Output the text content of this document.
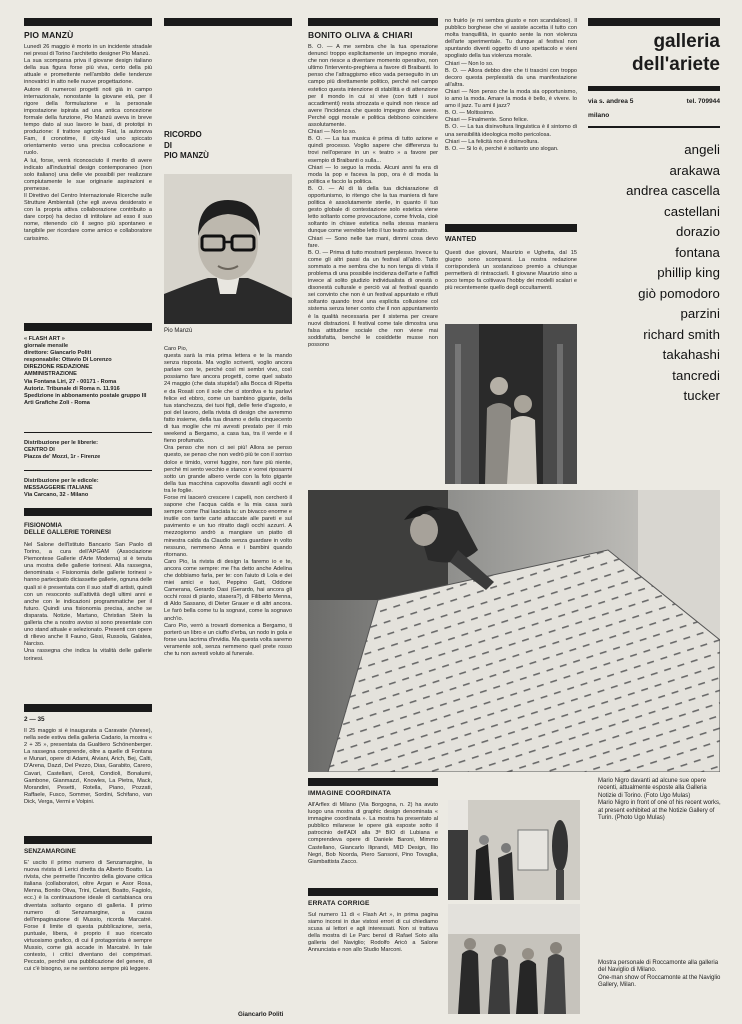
PIO MANZÙ
Lunedì 26 maggio è morto in un incidente stradale nei pressi di Torino l'architetto designer Pio Manzù.
La sua scomparsa priva il giovane design italiano della sua figura forse più viva, certo della più attuale e promettente nell'ambito delle tendenze innovatrici in atto nelle nuove progettazione.
Autore di numerosi progetti noti già in campo internazionale, nonostante la giovane età, per il rigore della formulazione e la personale impostazione ispirata ad una antica concezione formale della funzione, Pio Manzù aveva in breve tempo dato al suo lavoro le basi, di prototipi in produzione: il trattore agricolo Fiat, la autonova Fam, il cronotime, il city-taxi uno spiccato orientamento verso una precisa collocazione e ruolo.
A lui, forse, verrà riconosciuto il merito di avere indicato all'industrial design contemporaneo (non solo italiano) una delle vie possibili per realizzare compiutamente le sue originarie aspirazioni e premesse.
Il Direttivo del Centro Internazionale Ricerche sulle Strutture Ambientali (che egli aveva desiderato e con la propria attiva collaborazione contribuito a dare corpo) ha deciso di intitolare ad esso il suo nome, ritenendo ciò il segno più spontaneo e tangibile per ricordare come amico e collaboratore carissimo.
« FLASH ART »
giornale mensile
direttore: Giancarlo Politi
responsabile: Ottavio Di Lorenzo
DIREZIONE REDAZIONE
AMMINISTRAZIONE
Via Fontana Liri, 27 - 00171 - Roma
Autoriz. Tribunale di Roma n. 11.916
Spedizione in abbonamento postale gruppo III
Arti Grafiche Zoli - Roma
Distribuzione per le librerie:
CENTRO DI
Piazza de' Mozzi, 1r - Firenze
Distribuzione per le edicole:
MESSAGGERIE ITALIANE
Via Carcano, 32 - Milano
FISIONOMIA
DELLE GALLERIE TORINESI
Nel Salone dell'Istituto Bancario San Paolo di Torino, a cura dell'APGAM (Associazione Piemontese Gallerie d'Arte Moderna) si è tenuta una mostra delle gallerie torinesi. Alla rassegna, denominata « Fisionomia delle gallerie torinesi » hanno partecipato diciassette gallerie, ognuna delle quali si è presentata con il suo staff di artisti, quindi con un resoconto sull'attività degli ultimi anni e anche con le indicazioni programmatiche per il futuro. Quindi una fisionomia precisa, anche se disparata. Notizie, Martano, Christian Stein la galleria che a nostro avviso si sono presentate con uno stand attuale e selezionato. Presenti con opere di rilievo anche Il Fauno, Gissi, Russola, Galatea, Narciso.
Una rassegna che indica la vitalità delle gallerie torinesi.
2 — 35
Il 25 maggio si è inaugurata a Caravate (Varese), nella sede estiva della galleria Cadario, la mostra « 2 + 35 », presentata da Gualtiero Schönenberger. La rassegna comprende, oltre a quelle di Fontana e Munari, opere di Adami, Alviani, Arich, Bej, Calti, D'Arena, Dazzi, Del Pezzo, Dias, Garabito, Carero, Cavari, Castellani, Ceroli, Condioli, Bonalumi, Gambone, Gianmazzi, Knowles, La Pietra, Mack, Morandini, Pesetti, Rotella, Piano, Pozzati, Raffaele, Fusco, Sommer, Sordini, Schifano, van Dick, Verga, Vermi e Volpini.
SENZAMARGINE
E' uscito il primo numero di Senzamargine, la nuova rivista di Lerici diretta da Alberto Boatto. La rivista, che permette l'incontro della giovane critica italiana (collaboratori, oltre Argan e Asor Rosa, Menna, Bonito Oliva, Trini, Celant, Boatto, Fagiolo, ecc.) è la continuazione ideale di cartabianca ora diventata soltanto organo di galleria. Il primo numero di Senzamargine, a causa dell'impaginazione di Mussio, ricorda Marcatré. Forse il limite di questa pubblicazione, seria, puntuale, libera, è proprio il suo ricercato virtuosismo grafico, di cui il protagonista è sempre Mussio, come già accade in Marcatré. In tale contesto, i critici diventano dei comprimari. Peccato, perché una pubblicazione del genere, di cui c'è bisogno, se ne sentono sempre più leggere.
RICORDO
DI
PIO MANZÙ
Pio Manzù
Caro Pio,
questa sarà la mia prima lettera e te la mando senza risposta. Ma voglio scriverti, voglio ancora parlare con te, perché così mi sembri vivo, così possiamo fare ancora progetti, come quel sabato 24 maggio (che data stupida!) alla Bocca di Ripetta e da Rosati con il sole che ci stordiva e tu parlavi felice ed ebbro, come un bambino gigante, della tua stanchezza, dei tuoi figli, delle ferie d'agosto, e poi del lavoro, della rivista di design che avremmo fatto insieme, della tua dinamo e della cinquecento di tua moglie che mi avresti prestato per il mio weekend a Bergamo, a casa tua, tra il verde e il fieno profumato.
Ora penso che non ci sei più! Allora se penso questo, se penso che non vedrò più te con il sorriso dolce e timido, vorrei fuggire, non fare più niente, perché mi sento vecchio e stanco e vorrei riposarmi sotto un grande albero verde con la foto gigante della tua macchina capovolta davanti agli occhi e tra le foglie.
Forse mi lascerò crescere i capelli, non cercherò il sapone che l'acqua calda e la mia casa sarà sempre come l'hai lasciata tu: un bivacco enorme e inutile con tante carte attaccate alle pareti e sul pavimento e un tuo ritratto dagli occhi azzurri. A mezzogiorno andrò a mangiare un piatto di minestra calda da Claudio senza guardare in volto nessuno, nemmeno Anna e i bambini quando ritornano.
Caro Pio, la rivista di design la faremo io e te, ancora come sempre: me l'ha detto anche Adelina che dobbiamo farla, per te: con l'aiuto di Lola e dei miei amici e tuoi, Peppino Gatt, Oddone Camerana, Gerardo Dasi (Gerardo, hai ancora gli occhi rossi di pianto, stasera?), di Filiberto Menna, di Aldo Sassano, di Dieter Grauer e di altri ancora. Le farò bella come tu la sognavi, come la sognavo anch'io.
Caro Pio, verrò a trovarti domenica a Bergamo, ti porterò un libro e un ciuffo d'erba, un nodo in gola e forse una lacrima d'invidia. Ma questa volta saremo veramente soli, senza nemmeno quel prete rosso che tu non avresti voluto al funerale.
Giancarlo Politi
BONITO OLIVA & CHIARI
B. O. — A me sembra che la tua operazione denunci troppo esplicitamente un impegno morale, che non riesce a diventare momento operativo, non ultimo l'intervento-preghiera a favore di Braibanti. Io penso che l'attraggismo etico vada perseguito in un campo più direttamente politico, perché nel campo estetico questa intenzione di stabilità e di attenzione per il mondo in cui si vive (con tutti i suoi accadimenti) resta strozzata e quindi non riesce ad avere l'incidenza che questo impegno deve avere. Perché oggi morale e politica debbono coincidere assolutamente.
Chiari — Non lo so.
B. O. — La tua musica è prima di tutto azione e quindi processo. Voglio sapere che differenza tu trovi nell'operare in un « teatro » a favore per esempio di Braibanti o sulla...
Chiari — Io seguo la moda. Alcuni anni fa era di moda la pop e faceva la pop, ora è di moda la politica e faccio la politica.
B. O. — Al di là della tua dichiarazione di opportunismo, io ritengo che la tua maniera di fare politica è assolutamente sterile, in quanto il tuo gesto globale di contestazione solo estetica viene letto soltanto come provocazione, come frivola, cioè soltanto in chiave estetica nella stessa maniera dunque come verrebbe letto il tuo teatro astratto.
Chiari — Sono nelle tue mani, dimmi cosa devo fare.
B. O. — Prima di tutto mostrarti perplesso. Invece tu come gli altri passi da un festival all'altro. Tutto sommato a me sembra che tu non tenga di vista il problema di una possibile incidenza dell'arte e l'affidi invece al solito giudizio individualista di onestà o disonestà culturale e perciò vai al festival quando sei convinto che non è un festival appuntato e rifiuti soltanto quando trovi una esplicita collusione col sistema senza tener conto che il non appuntamento è la qualità necessaria per il sistema per creare nuovi distrazioni. Il festival come tale dimostra una falsa attitudine sociale che non viene mai soddisfatta, benché le cosiddette musse non possono
no fruirlo (e mi sembra giusto e non scandaloso). Il pubblico borghese che vi assiste accetta il tutto con molta tranquillità, in quanto sente la non violenza dell'arte sperimentale. Tu dunque al festival non spuntando diventi oggetto di uno spettacolo e vieni spogliato della tua violenza morale.
Chiari — Non lo so.
B. O. — Allora debbo dire che ti trascini con troppo decoro questa perplessità da una manifestazione all'altra.
Chiari — Non penso che la moda sia opportunismo, io amo la moda. Amare la moda è bello, è vivere. Io amo il jazz. Tu ami il jazz?
B. O. — Moltissimo.
Chiari — Finalmente. Sono felice.
B. O. — La tua disinvoltura linguistica è il sintomo di una sensibilità ideologica molto pericolosa.
Chiari — La felicità non è disinvoltura.
B. O. — Si lo è, perché è soltanto uno slogan.
WANTED
Questi due giovani, Maurizio e Ughetta, dal 15 giugno sono scomparsi. La nostra redazione corrisponderà un sostanzioso premio a chiunque permetterà di rintracciarli. Il giovane Maurizio sino a poco tempo fa coltivava l'hobby dei modelli scalari e più recentemente quello degli occultamenti.
galleria
dell'ariete
via s. andrea 5	tel. 709944
milano
angeli
arakawa
andrea cascella
castellani
dorazio
fontana
phillip king
giò pomodoro
parzini
richard smith
takahashi
tancredi
tucker
Mario Nigro davanti ad alcune sue opere recenti, attualmente esposte alla Galleria Notizie di Torino. (Foto Ugo Mulas)
Mario Nigro in front of one of his recent works, at present exhibited at the Notizie Gallery of Turin. (Photo Ugo Mulas)
IMMAGINE COORDINATA
All'Arflex di Milano (Via Borgogna, n. 2) ha avuto luogo una mostra di graphic design denominata « immagine coordinata ». La mostra ha presentato al pubblico milanese le opere già esposte sotto il patrocinio dell'ADI alla 3ª BIO di Lubiana e comprendeva opere di Daniele Baroni, Mimmo Castellano, Giancarlo Iliprandi, MID Design, Ilio Negri, Bob Noorda, Piero Sansoni, Pino Tovaglia, Giambattista Zacco.
ERRATA CORRIGE
Sul numero 11 di « Flash Art », in prima pagina siamo incorsi in due vistosi errori di cui chiediamo scusa ai lettori e agli interessati. Non si trattava della mostra di Le Parc bensì di Rafael Soto alla galleria del Naviglio; Rodolfo Aricò a Salone Annunciata e non allo Studio Marconi.
Mostra personale di Roccamonte alla galleria del Naviglio di Milano.
One-man show of Roccamonte at the Naviglio Gallery, Milan.
